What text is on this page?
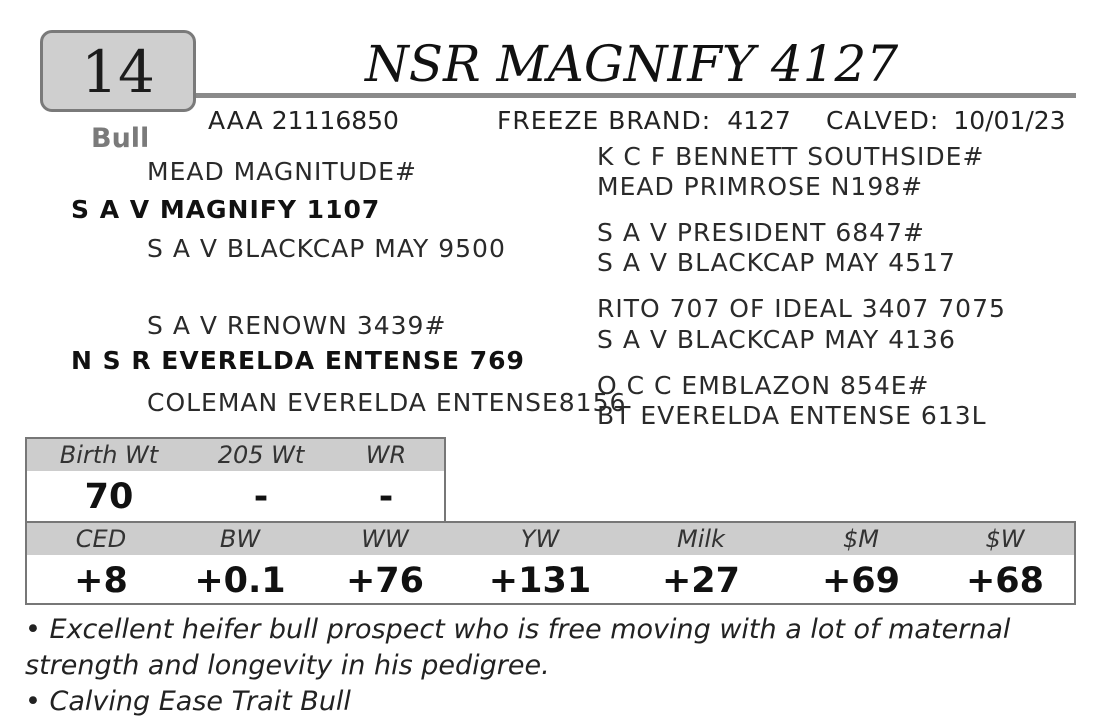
14
Bull
NSR MAGNIFY 4127
AAA 21116850	FREEZE BRAND: 4127 CALVED: 10/01/23
MEAD MAGNITUDE#
S A V MAGNIFY 1107
S A V BLACKCAP MAY 9500
S A V RENOWN 3439#
N S R EVERELDA ENTENSE 769
COLEMAN EVERELDA ENTENSE8156
K C F BENNETT SOUTHSIDE#
MEAD PRIMROSE N198#
S A V PRESIDENT 6847#
S A V BLACKCAP MAY 4517
RITO 707 OF IDEAL 3407 7075
S A V BLACKCAP MAY 4136
O C C EMBLAZON 854E#
BT EVERELDA ENTENSE 613L
Birth Wt	205 Wt	WR
70	-	-
CED	BW	WW	YW	Milk	$M	$W
+8	+0.1	+76	+131	+27	+69	+68
• Excellent heifer bull prospect who is free moving with a lot of maternal
strength and longevity in his pedigree.
• Calving Ease Trait Bull
